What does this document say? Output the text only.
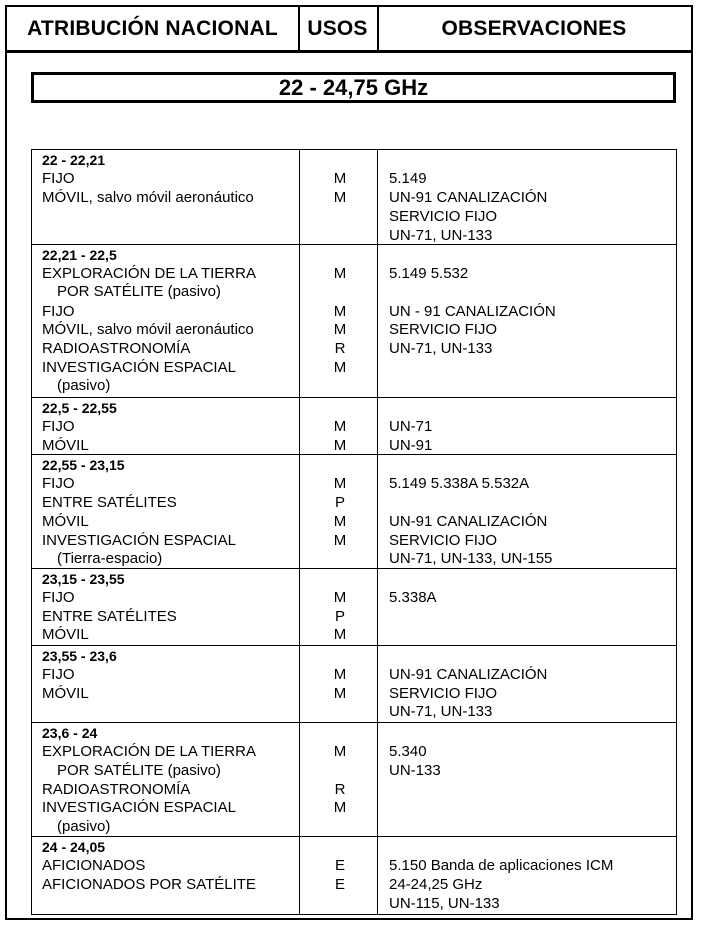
ATRIBUCIÓN NACIONAL	USOS	OBSERVACIONES
22 - 24,75 GHz
22 - 22,21
FIJO
MÓVIL, salvo móvil aeronáutico
M
M
5.149
UN-91 CANALIZACIÓN
SERVICIO FIJO
UN-71, UN-133
22,21 - 22,5
EXPLORACIÓN DE LA TIERRA
POR SATÉLITE (pasivo)
FIJO
MÓVIL, salvo móvil aeronáutico
RADIOASTRONOMÍA
INVESTIGACIÓN ESPACIAL
(pasivo)
M
M
M
R
M
5.149 5.532
UN - 91 CANALIZACIÓN
SERVICIO FIJO
UN-71, UN-133
22,5 - 22,55
FIJO
MÓVIL
M
M
UN-71
UN-91
22,55 - 23,15
FIJO
ENTRE SATÉLITES
MÓVIL
INVESTIGACIÓN ESPACIAL
(Tierra-espacio)
M
P
M
M
5.149 5.338A 5.532A
UN-91 CANALIZACIÓN
SERVICIO FIJO
UN-71, UN-133, UN-155
23,15 - 23,55
FIJO
ENTRE SATÉLITES
MÓVIL
M
P
M
5.338A
23,55 - 23,6
FIJO
MÓVIL
M
M
UN-91 CANALIZACIÓN
SERVICIO FIJO
UN-71, UN-133
23,6 - 24
EXPLORACIÓN DE LA TIERRA
POR SATÉLITE (pasivo)
RADIOASTRONOMÍA
INVESTIGACIÓN ESPACIAL
(pasivo)
M
R
M
5.340
UN-133
24 - 24,05
AFICIONADOS
AFICIONADOS POR SATÉLITE
E
E
5.150 Banda de aplicaciones ICM
24-24,25 GHz
UN-115, UN-133
